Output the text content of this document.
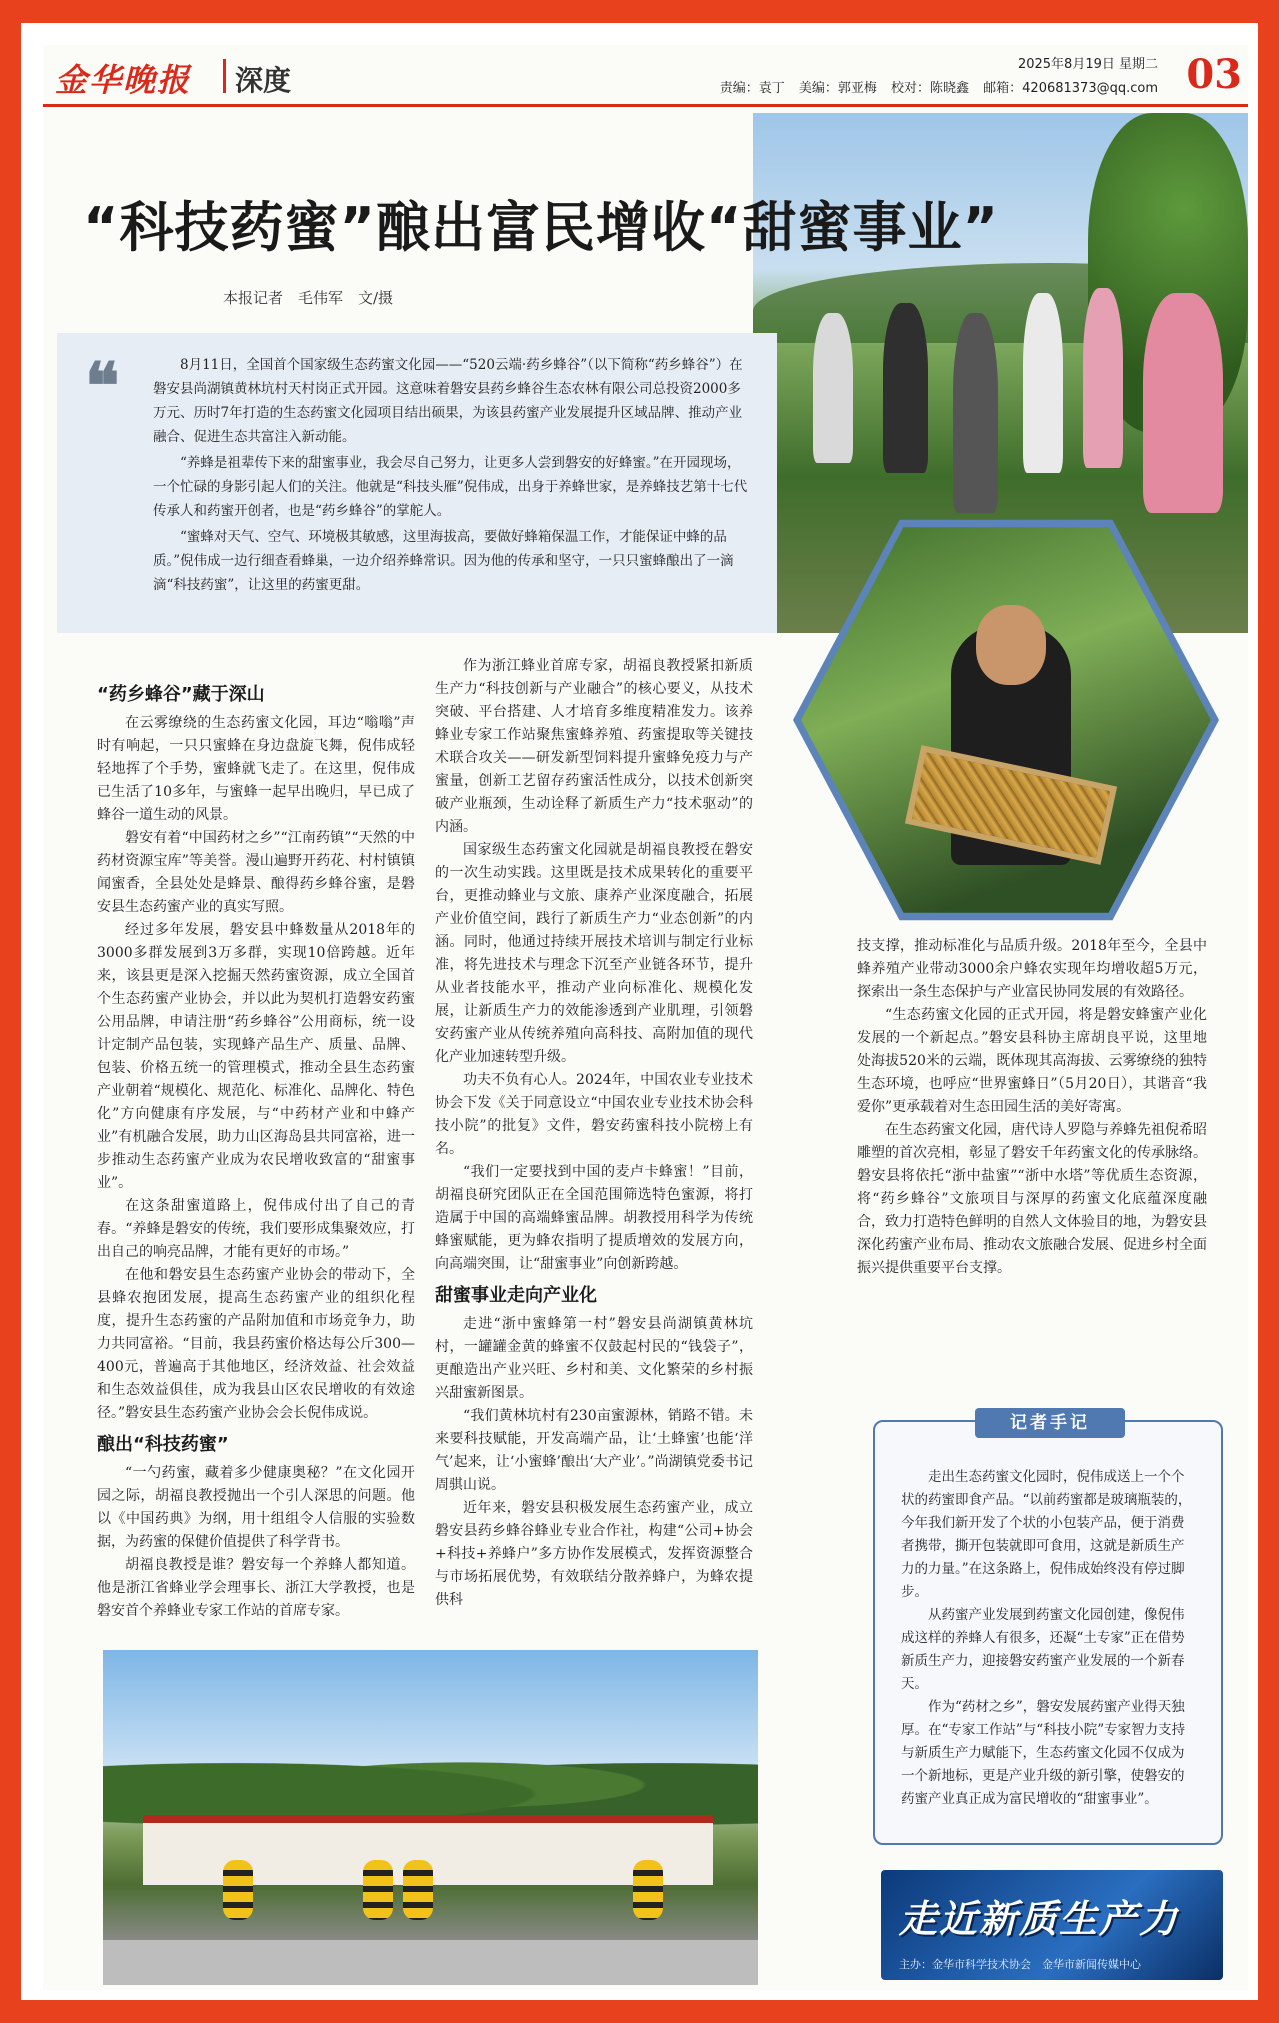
金华晚报 深度	2025年8月19日 星期二
责编：袁丁 美编：郭亚梅 校对：陈晓鑫 邮箱：420681373@qq.com 03
“科技药蜜”酿出富民增收“甜蜜事业”
本报记者　毛伟军　文/摄
❝	8月11日，全国首个国家级生态药蜜文化园——“520云端·药乡蜂谷”（以下简称“药乡蜂谷”）在磐安县尚湖镇黄林坑村天村岗正式开园。这意味着磐安县药乡蜂谷生态农林有限公司总投资2000多万元、历时7年打造的生态药蜜文化园项目结出硕果，为该县药蜜产业发展提升区域品牌、推动产业融合、促进生态共富注入新动能。

“养蜂是祖辈传下来的甜蜜事业，我会尽自己努力，让更多人尝到磐安的好蜂蜜。”在开园现场，一个忙碌的身影引起人们的关注。他就是“科技头雁”倪伟成，出身于养蜂世家，是养蜂技艺第十七代传承人和药蜜开创者，也是“药乡蜂谷”的掌舵人。

“蜜蜂对天气、空气、环境极其敏感，这里海拔高，要做好蜂箱保温工作，才能保证中蜂的品质。”倪伟成一边行细查看蜂巢，一边介绍养蜂常识。因为他的传承和坚守，一只只蜜蜂酿出了一滴滴“科技药蜜”，让这里的药蜜更甜。

“药乡蜂谷”藏于深山

在云雾缭绕的生态药蜜文化园，耳边“嗡嗡”声时有响起，一只只蜜蜂在身边盘旋飞舞，倪伟成轻轻地挥了个手势，蜜蜂就飞走了。在这里，倪伟成已生活了10多年，与蜜蜂一起早出晚归，早已成了蜂谷一道生动的风景。

磐安有着“中国药材之乡”“江南药镇”“天然的中药材资源宝库”等美誉。漫山遍野开药花、村村镇镇闻蜜香，全县处处是蜂景、酿得药乡蜂谷蜜，是磐安县生态药蜜产业的真实写照。

经过多年发展，磐安县中蜂数量从2018年的3000多群发展到3万多群，实现10倍跨越。近年来，该县更是深入挖掘天然药蜜资源，成立全国首个生态药蜜产业协会，并以此为契机打造磐安药蜜公用品牌，申请注册“药乡蜂谷”公用商标，统一设计定制产品包装，实现蜂产品生产、质量、品牌、包装、价格五统一的管理模式，推动全县生态药蜜产业朝着“规模化、规范化、标准化、品牌化、特色化”方向健康有序发展，与“中药材产业和中蜂产业”有机融合发展，助力山区海岛县共同富裕，进一步推动生态药蜜产业成为农民增收致富的“甜蜜事业”。

在这条甜蜜道路上，倪伟成付出了自己的青春。“养蜂是磐安的传统，我们要形成集聚效应，打出自己的响亮品牌，才能有更好的市场。”

在他和磐安县生态药蜜产业协会的带动下，全县蜂农抱团发展，提高生态药蜜产业的组织化程度，提升生态药蜜的产品附加值和市场竞争力，助力共同富裕。“目前，我县药蜜价格达每公斤300—400元，普遍高于其他地区，经济效益、社会效益和生态效益俱佳，成为我县山区农民增收的有效途径。”磐安县生态药蜜产业协会会长倪伟成说。

酿出“科技药蜜”

“一勺药蜜，藏着多少健康奥秘？”在文化园开园之际，胡福良教授抛出一个引人深思的问题。他以《中国药典》为纲，用十组组令人信服的实验数据，为药蜜的保健价值提供了科学背书。

胡福良教授是谁？磐安每一个养蜂人都知道。他是浙江省蜂业学会理事长、浙江大学教授，也是磐安首个养蜂业专家工作站的首席专家。

作为浙江蜂业首席专家，胡福良教授紧扣新质生产力“科技创新与产业融合”的核心要义，从技术突破、平台搭建、人才培育多维度精准发力。该养蜂业专家工作站聚焦蜜蜂养殖、药蜜提取等关键技术联合攻关——研发新型饲料提升蜜蜂免疫力与产蜜量，创新工艺留存药蜜活性成分，以技术创新突破产业瓶颈，生动诠释了新质生产力“技术驱动”的内涵。

国家级生态药蜜文化园就是胡福良教授在磐安的一次生动实践。这里既是技术成果转化的重要平台，更推动蜂业与文旅、康养产业深度融合，拓展产业价值空间，践行了新质生产力“业态创新”的内涵。同时，他通过持续开展技术培训与制定行业标准，将先进技术与理念下沉至产业链各环节，提升从业者技能水平，推动产业向标准化、规模化发展，让新质生产力的效能渗透到产业肌理，引领磐安药蜜产业从传统养殖向高科技、高附加值的现代化产业加速转型升级。

功夫不负有心人。2024年，中国农业专业技术协会下发《关于同意设立“中国农业专业技术协会科技小院”的批复》文件，磐安药蜜科技小院榜上有名。

“我们一定要找到中国的麦卢卡蜂蜜！”目前，胡福良研究团队正在全国范围筛选特色蜜源，将打造属于中国的高端蜂蜜品牌。胡教授用科学为传统蜂蜜赋能，更为蜂农指明了提质增效的发展方向，向高端突围，让“甜蜜事业”向创新跨越。

甜蜜事业走向产业化

走进“浙中蜜蜂第一村”磐安县尚湖镇黄林坑村，一罐罐金黄的蜂蜜不仅鼓起村民的“钱袋子”，更酿造出产业兴旺、乡村和美、文化繁荣的乡村振兴甜蜜新图景。

“我们黄林坑村有230亩蜜源林，销路不错。未来要科技赋能，开发高端产品，让‘土蜂蜜’也能‘洋气’起来，让‘小蜜蜂’酿出‘大产业’。”尚湖镇党委书记周骐山说。

近年来，磐安县积极发展生态药蜜产业，成立磐安县药乡蜂谷蜂业专业合作社，构建“公司+协会+科技+养蜂户”多方协作发展模式，发挥资源整合与市场拓展优势，有效联结分散养蜂户，为蜂农提供科

技支撑，推动标准化与品质升级。2018年至今，全县中蜂养殖产业带动3000余户蜂农实现年均增收超5万元，探索出一条生态保护与产业富民协同发展的有效路径。

“生态药蜜文化园的正式开园，将是磐安蜂蜜产业化发展的一个新起点。”磐安县科协主席胡良平说，这里地处海拔520米的云端，既体现其高海拔、云雾缭绕的独特生态环境，也呼应“世界蜜蜂日”（5月20日），其谐音“我爱你”更承载着对生态田园生活的美好寄寓。

在生态药蜜文化园，唐代诗人罗隐与养蜂先祖倪希昭雕塑的首次亮相，彰显了磐安千年药蜜文化的传承脉络。磐安县将依托“浙中盐蜜”“浙中水塔”等优质生态资源，将“药乡蜂谷”文旅项目与深厚的药蜜文化底蕴深度融合，致力打造特色鲜明的自然人文体验目的地，为磐安县深化药蜜产业布局、推动农文旅融合发展、促进乡村全面振兴提供重要平台支撑。

记者手记

走出生态药蜜文化园时，倪伟成送上一个个状的药蜜即食产品。“以前药蜜都是玻璃瓶装的，今年我们新开发了个状的小包装产品，便于消费者携带，撕开包装就即可食用，这就是新质生产力的力量。”在这条路上，倪伟成始终没有停过脚步。

从药蜜产业发展到药蜜文化园创建，像倪伟成这样的养蜂人有很多，还凝“土专家”正在借势新质生产力，迎接磐安药蜜产业发展的一个新春天。

作为“药材之乡”，磐安发展药蜜产业得天独厚。在“专家工作站”与“科技小院”专家智力支持与新质生产力赋能下，生态药蜜文化园不仅成为一个新地标，更是产业升级的新引擎，使磐安的药蜜产业真正成为富民增收的“甜蜜事业”。

走近新质生产力
主办：金华市科学技术协会　金华市新闻传媒中心
